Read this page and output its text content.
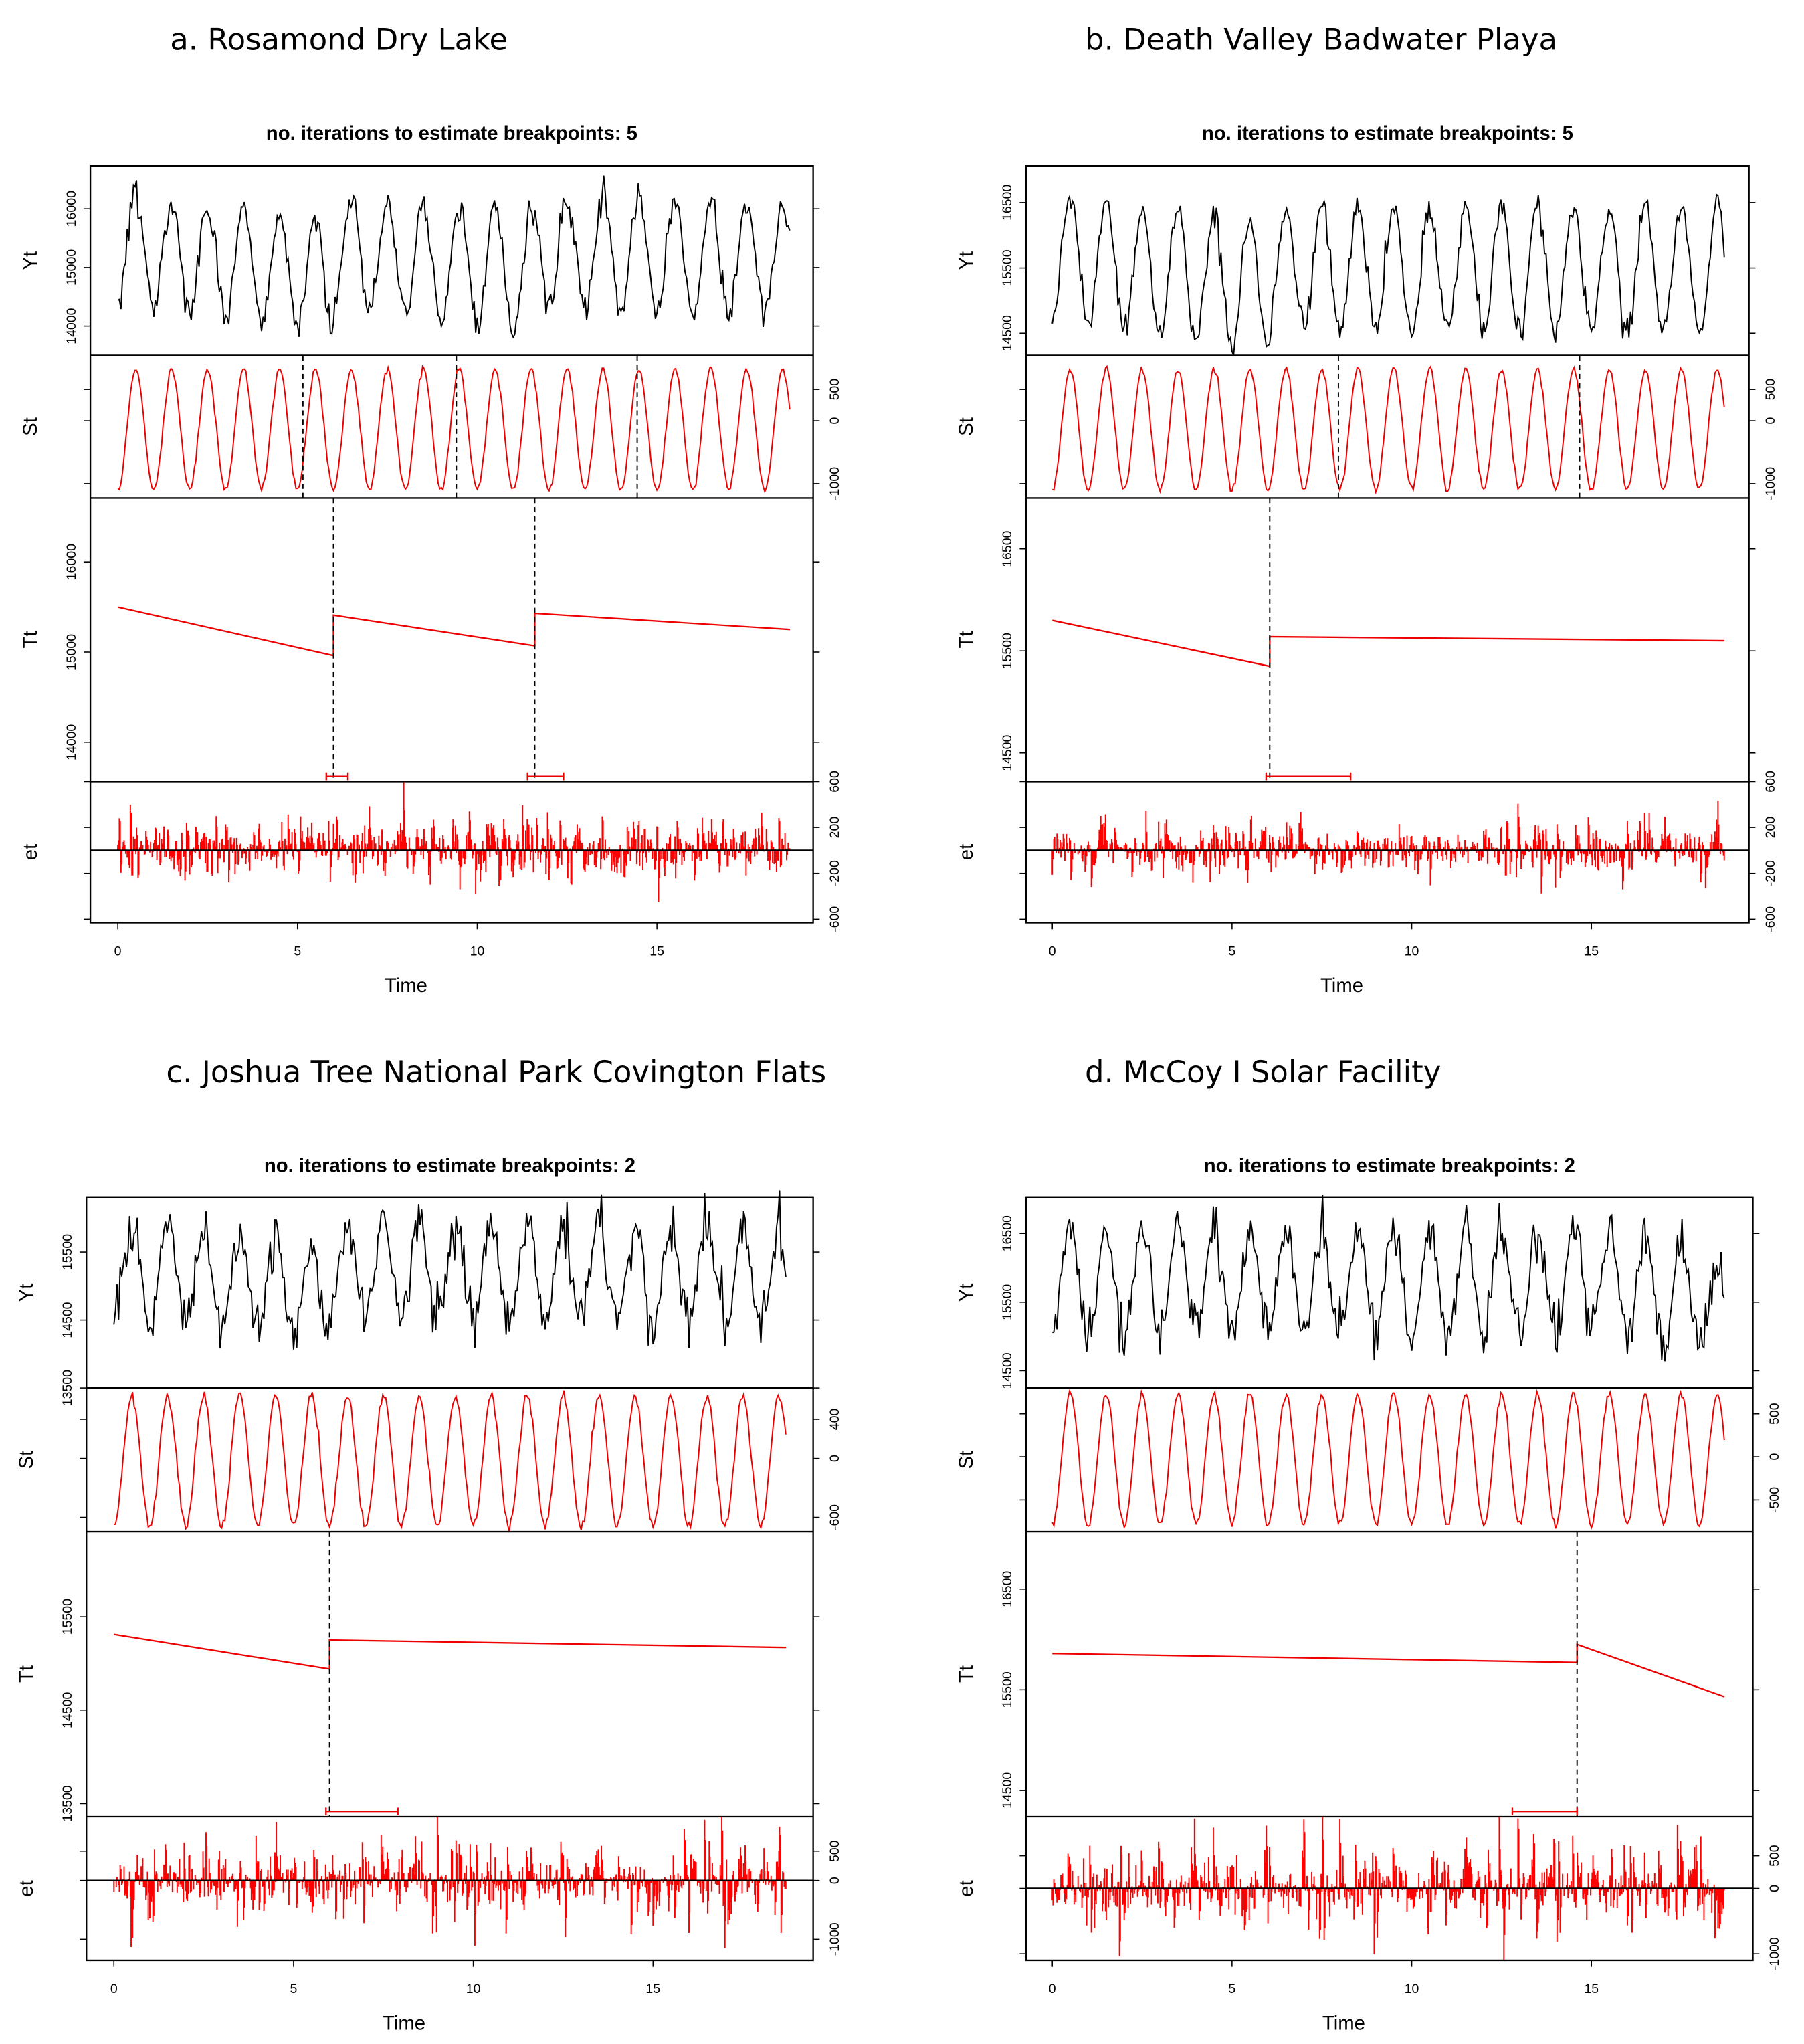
a. Rosamond Dry Lake
no. iterations to estimate breakpoints: 5
14000
15000
16000
Yt
-1000
0
500
St
14000
15000
16000
Tt
-600
-200
200
600
et
0	5	10	15
Time
b. Death Valley Badwater Playa
no. iterations to estimate breakpoints: 5
14500
15500
16500
Yt
-1000
0
500
St
14500
15500
16500
Tt
-600
-200
200
600
et
0	5	10	15
Time
c. Joshua Tree National Park Covington Flats
no. iterations to estimate breakpoints: 2
13500
14500
15500
Yt
-600
0
400
St
13500
14500
15500
Tt
-1000
0
500
et
0	5	10	15
Time
d. McCoy I Solar Facility
no. iterations to estimate breakpoints: 2
14500
15500
16500
Yt
-500
0
500
St
14500
15500
16500
Tt
-1000
0
500
et
0	5	10	15
Time
